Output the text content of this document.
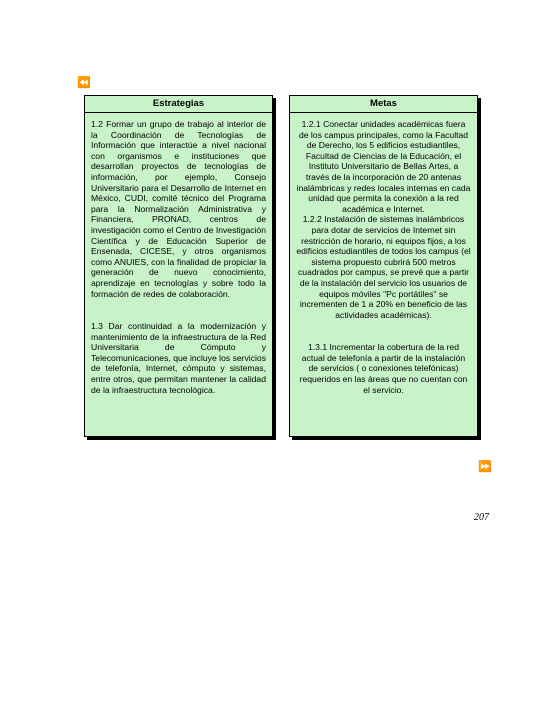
⏪
Estrategias

1.2 Formar un grupo de trabajo al interior de la Coordinación de Tecnologías de Información que interactúe a nivel nacional con organismos e instituciones que desarrollan proyectos de tecnologías de información, por ejemplo, Consejo Universitario para el Desarrollo de Internet en México, CUDI, comité técnico del Programa para la Normalización Administrativa y Financiera, PRONAD, centros de investigación como el Centro de Investigación Científica y de Educación Superior de Ensenada, CICESE, y otros organismos como ANUIES, con la finalidad de propiciar la generación de nuevo conocimiento, aprendizaje en tecnologías y sobre todo la formación de redes de colaboración.

1.3 Dar continuidad a la modernización y mantenimiento de la infraestructura de la Red Universitaria de Cómputo y Telecomunicaciones, que incluye los servicios de telefonía, Internet, cómputo y sistemas, entre otros, que permitan mantener la calidad de la infraestructura tecnológica.

Metas

1.2.1 Conectar unidades académicas fuera de los campus principales, como la Facultad de Derecho, los 5 edificios estudiantiles, Facultad de Ciencias de la Educación, el Instituto Universitario de Bellas Artes, a través de la incorporación de 20 antenas inalámbricas y redes locales internas en cada unidad que permita la conexión a la red académica e Internet.

1.2.2 Instalación de sistemas inalámbricos para dotar de servicios de Internet sin restricción de horario, ni equipos fijos, a los edificios estudiantiles de todos los campus (el sistema propuesto cubrirá 500 metros cuadrados por campus, se prevé que a partir de la instalación del servicio los usuarios de equipos móviles "Pc portátiles" se incrementen de 1 a 20% en beneficio de las actividades académicas).

1.3.1 Incrementar la cobertura de la red actual de telefonía a partir de la instalación de servicios ( o conexiones telefónicas) requeridos en las áreas que no cuentan con el servicio.

⏩
207
